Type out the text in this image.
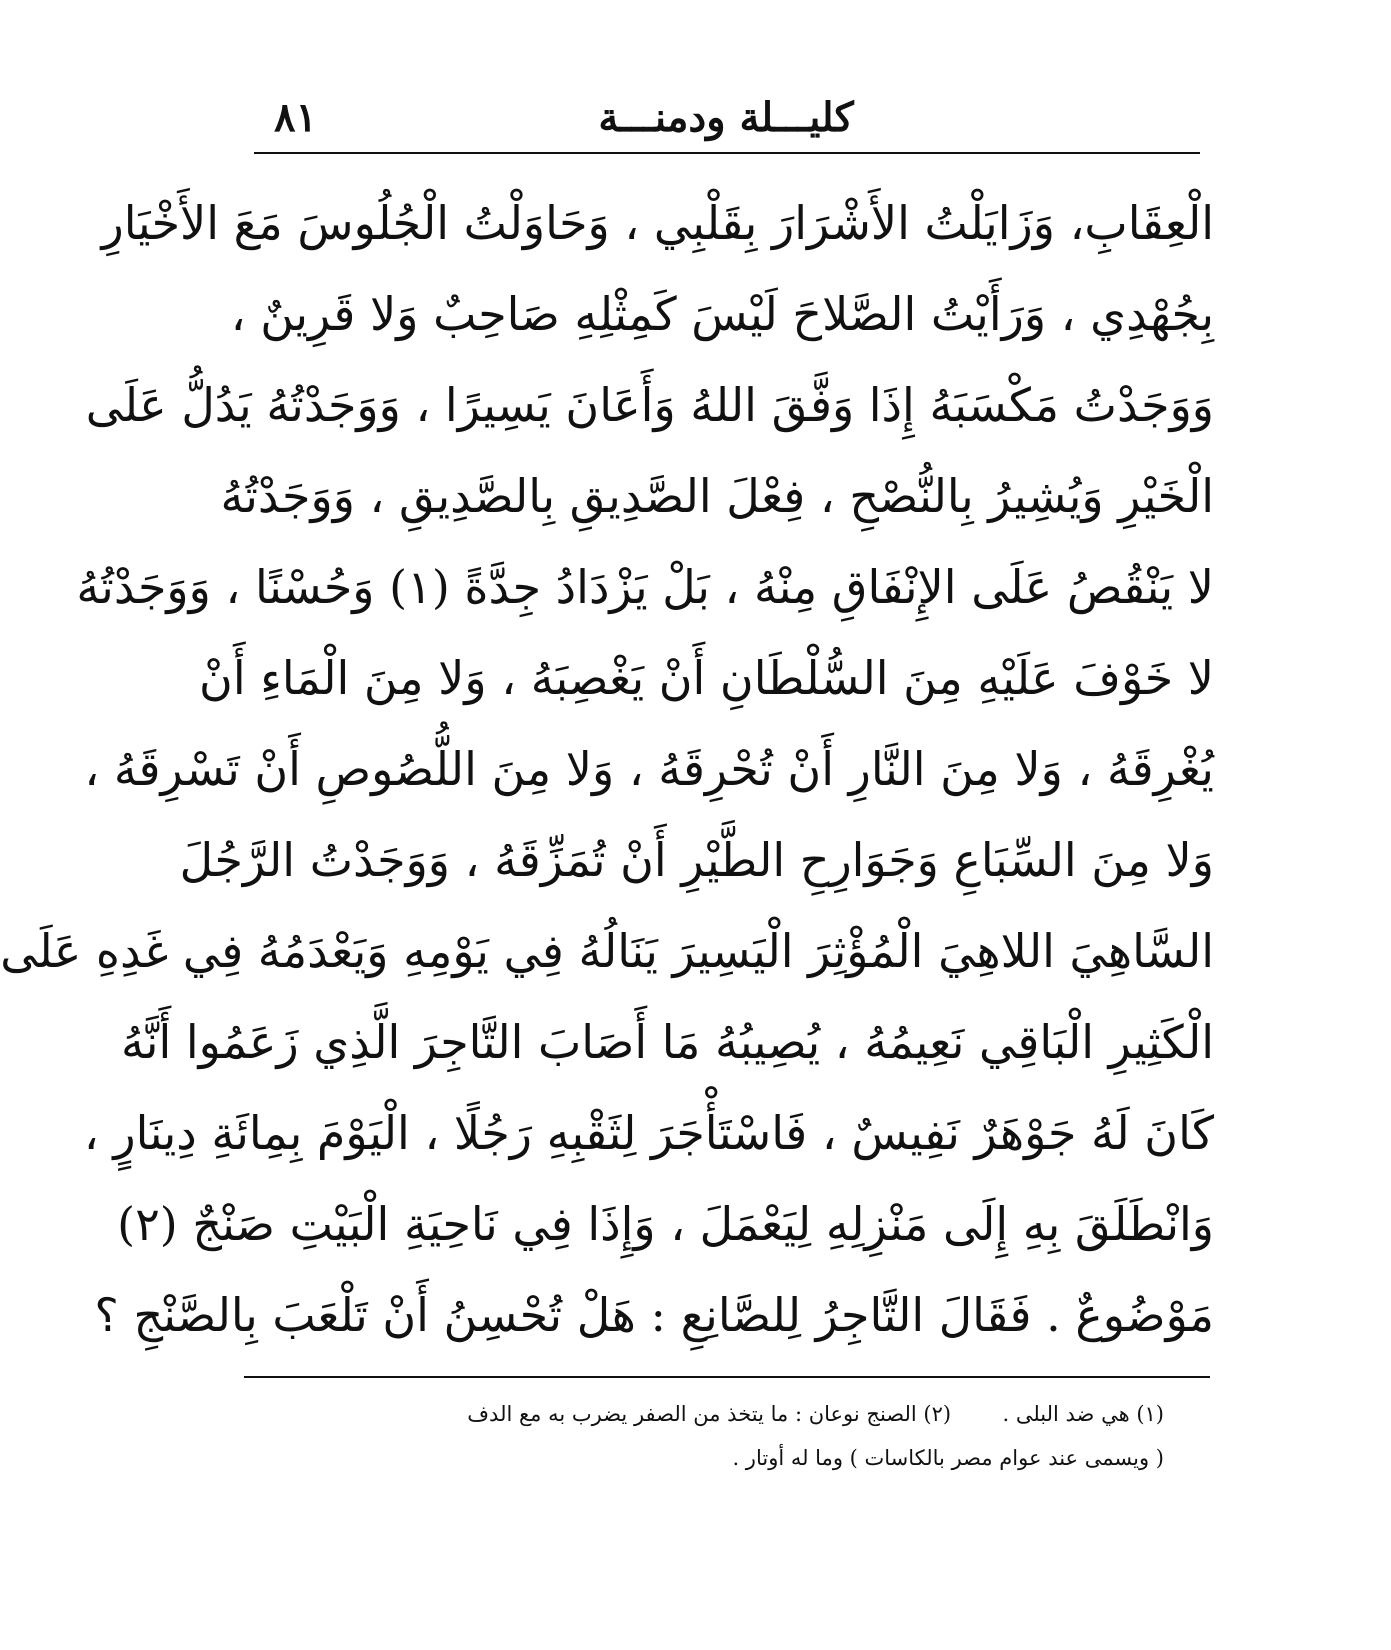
كليـــلة ودمنـــة
٨١
الْعِقَابِ، وَزَايَلْتُ الأَشْرَارَ بِقَلْبِي ، وَحَاوَلْتُ الْجُلُوسَ مَعَ الأَخْيَارِ
بِجُهْدِي ، وَرَأَيْتُ الصَّلاحَ لَيْسَ كَمِثْلِهِ صَاحِبٌ وَلا قَرِينٌ ،
وَوَجَدْتُ مَكْسَبَهُ إِذَا وَفَّقَ اللهُ وَأَعَانَ يَسِيرًا ، وَوَجَدْتُهُ يَدُلُّ عَلَى
الْخَيْرِ وَيُشِيرُ بِالنُّصْحِ ، فِعْلَ الصَّدِيقِ بِالصَّدِيقِ ، وَوَجَدْتُهُ
لا يَنْقُصُ عَلَى الإِنْفَاقِ مِنْهُ ، بَلْ يَزْدَادُ جِدَّةً (١) وَحُسْنًا ، وَوَجَدْتُهُ
لا خَوْفَ عَلَيْهِ مِنَ السُّلْطَانِ أَنْ يَغْصِبَهُ ، وَلا مِنَ الْمَاءِ أَنْ
يُغْرِقَهُ ، وَلا مِنَ النَّارِ أَنْ تُحْرِقَهُ ، وَلا مِنَ اللُّصُوصِ أَنْ تَسْرِقَهُ ،
وَلا مِنَ السِّبَاعِ وَجَوَارِحِ الطَّيْرِ أَنْ تُمَزِّقَهُ ، وَوَجَدْتُ الرَّجُلَ
السَّاهِيَ اللاهِيَ الْمُؤْثِرَ الْيَسِيرَ يَنَالُهُ فِي يَوْمِهِ وَيَعْدَمُهُ فِي غَدِهِ عَلَى
الْكَثِيرِ الْبَاقِي نَعِيمُهُ ، يُصِيبُهُ مَا أَصَابَ التَّاجِرَ الَّذِي زَعَمُوا أَنَّهُ
كَانَ لَهُ جَوْهَرٌ نَفِيسٌ ، فَاسْتَأْجَرَ لِثَقْبِهِ رَجُلًا ، الْيَوْمَ بِمِائَةِ دِينَارٍ ،
وَانْطَلَقَ بِهِ إِلَى مَنْزِلِهِ لِيَعْمَلَ ، وَإِذَا فِي نَاحِيَةِ الْبَيْتِ صَنْجٌ (٢)
مَوْضُوعٌ . فَقَالَ التَّاجِرُ لِلصَّانِعِ : هَلْ تُحْسِنُ أَنْ تَلْعَبَ بِالصَّنْجِ ؟
(١) هي ضد البلى .  (٢) الصنج نوعان : ما يتخذ من الصفر يضرب به مع الدف
( ويسمى عند عوام مصر بالكاسات ) وما له أوتار .
